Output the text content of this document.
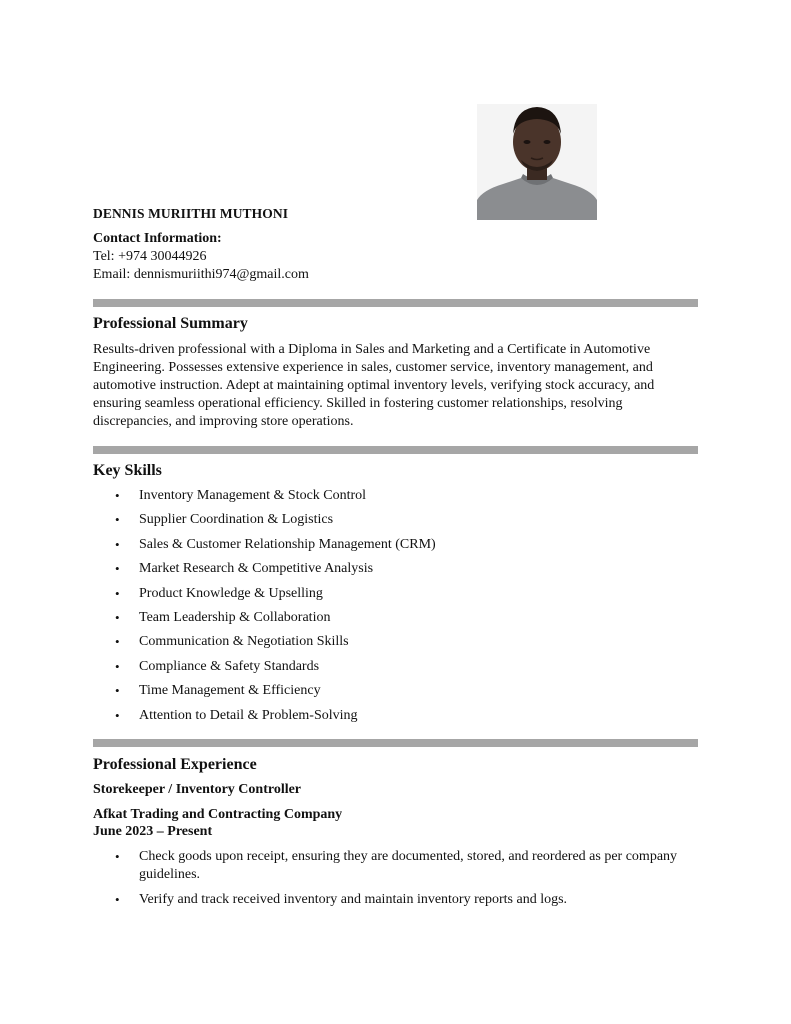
DENNIS MURIITHI MUTHONI
Contact Information:
Tel: +974 30044926
Email: dennismuriithi974@gmail.com
Professional Summary
Results-driven professional with a Diploma in Sales and Marketing and a Certificate in Automotive Engineering. Possesses extensive experience in sales, customer service, inventory management, and automotive instruction. Adept at maintaining optimal inventory levels, verifying stock accuracy, and ensuring seamless operational efficiency. Skilled in fostering customer relationships, resolving discrepancies, and improving store operations.
Key Skills
• Inventory Management & Stock Control
• Supplier Coordination & Logistics
• Sales & Customer Relationship Management (CRM)
• Market Research & Competitive Analysis
• Product Knowledge & Upselling
• Team Leadership & Collaboration
• Communication & Negotiation Skills
• Compliance & Safety Standards
• Time Management & Efficiency
• Attention to Detail & Problem-Solving
Professional Experience
Storekeeper / Inventory Controller
Afkat Trading and Contracting Company
June 2023 – Present
• Check goods upon receipt, ensuring they are documented, stored, and reordered as per company guidelines.
• Verify and track received inventory and maintain inventory reports and logs.
